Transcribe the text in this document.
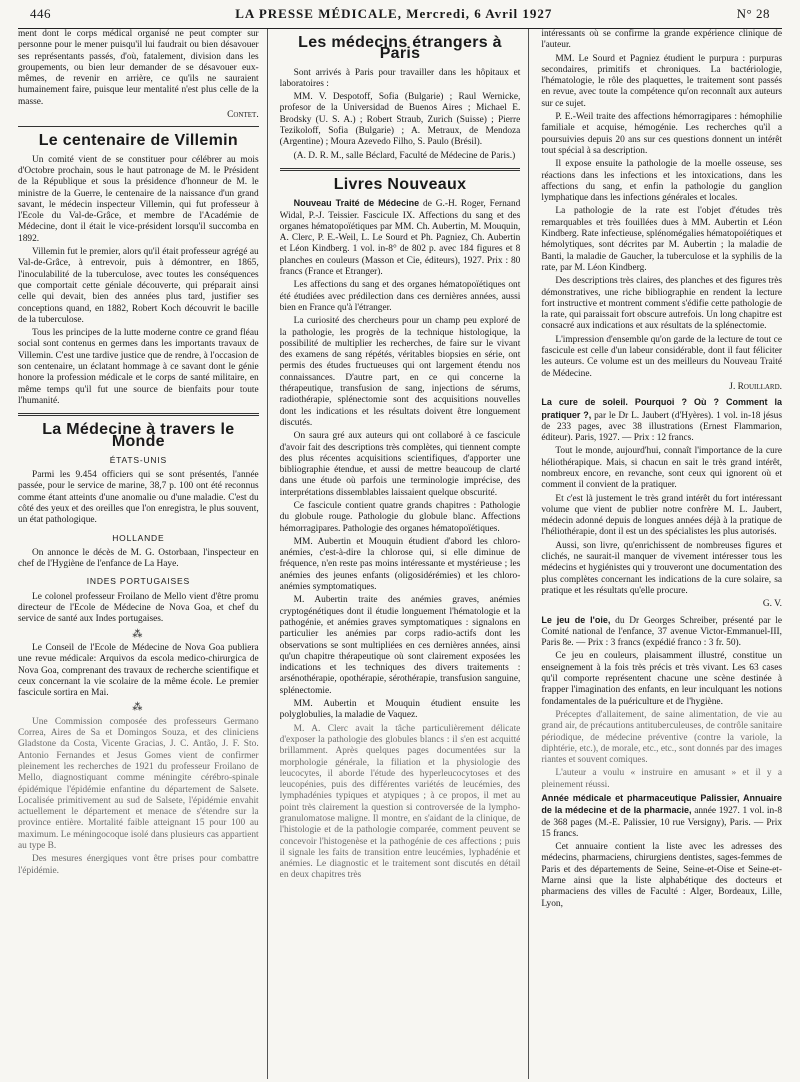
446	LA PRESSE MÉDICALE, Mercredi, 6 Avril 1927	N° 28

ment dont le corps médical organisé ne peut compter sur personne pour le mener puisqu'il lui faudrait ou bien désavouer ses représentants passés, d'où, fatalement, division dans les groupements, ou bien leur demander de se désavouer eux-mêmes, de revenir en arrière, ce qu'ils ne sauraient humainement faire, puisque leur mentalité n'est plus celle de la masse.

Contet.
Le centenaire de Villemin

Un comité vient de se constituer pour célébrer au mois d'Octobre prochain, sous le haut patronage de M. le Président de la République et sous la présidence d'honneur de M. le ministre de la Guerre, le centenaire de la naissance d'un grand savant, le médecin inspecteur Villemin, qui fut professeur à l'Ecole du Val-de-Grâce, et membre de l'Académie de Médecine, dont il était le vice-président lorsqu'il succomba en 1892.

Villemin fut le premier, alors qu'il était professeur agrégé au Val-de-Grâce, à entrevoir, puis à démontrer, en 1865, l'inoculabilité de la tuberculose, avec toutes les conséquences que comportait cette géniale découverte, qui préparait ainsi celle qui devait, bien des années plus tard, justifier ses conceptions quand, en 1882, Robert Koch découvrit le bacille de la tuberculose.

Tous les principes de la lutte moderne contre ce grand fléau social sont contenus en germes dans les importants travaux de Villemin. C'est une tardive justice que de rendre, à l'occasion de son centenaire, un éclatant hommage à ce savant dont le génie honore la profession médicale et le corps de santé militaire, en même temps qu'il fut une source de bienfaits pour toute l'humanité.

La Médecine à travers le Monde
ÉTATS-UNIS

Parmi les 9.454 officiers qui se sont présentés, l'année passée, pour le service de marine, 38,7 p. 100 ont été reconnus comme étant atteints d'une anomalie ou d'une maladie. C'est du côté des yeux et des oreilles que l'on enregistra, le plus souvent, un état pathologique.

HOLLANDE

On annonce le décès de M. G. Ostorbaan, l'inspecteur en chef de l'Hygiène de l'enfance de La Haye.

INDES PORTUGAISES

Le colonel professeur Froilano de Mello vient d'être promu directeur de l'Ecole de Médecine de Nova Goa, et chef du service de santé aux Indes portugaises.

⁂

Le Conseil de l'Ecole de Médecine de Nova Goa publiera une revue médicale: Arquivos da escola medico-chirurgica de Nova Goa, comprenant des travaux de recherche scientifique et ceux concernant la vie scolaire de la même école. Le premier fascicule sortira en Mai.

⁂

Une Commission composée des professeurs Germano Correa, Aires de Sa et Domingos Souza, et des cliniciens Gladstone da Costa, Vicente Gracias, J. C. Antão, J. F. Sto. Antonio Fernandes et Jesus Gomes vient de confirmer pleinement les recherches de 1921 du professeur Froilano de Mello, diagnostiquant comme méningite cérébro-spinale épidémique l'épidémie enfantine du département de Salsete. Localisée primitivement au sud de Salsete, l'épidémie envahit actuellement le département et menace de s'étendre sur la province entière. Mortalité faible atteignant 15 pour 100 au maximum. Le méningocoque isolé dans plusieurs cas appartient au type B.

Des mesures énergiques vont être prises pour combattre l'épidémie.

Les médecins étrangers à Paris

Sont arrivés à Paris pour travailler dans les hôpitaux et laboratoires :

MM. V. Despotoff, Sofia (Bulgarie) ; Raul Wernicke, profesor de la Universidad de Buenos Aires ; Michael E. Brodsky (U. S. A.) ; Robert Straub, Zurich (Suisse) ; Pierre Tezikoloff, Sofia (Bulgarie) ; A. Metraux, de Mendoza (Argentine) ; Moura Azevedo Filho, S. Paulo (Brésil).

(A. D. R. M., salle Béclard, Faculté de Médecine de Paris.)

Livres Nouveaux

Nouveau Traité de Médecine de G.-H. Roger, Fernand Widal, P.-J. Teissier. Fascicule IX. Affections du sang et des organes hématopoïétiques par MM. Ch. Aubertin, M. Mouquin, A. Clerc, P. E.-Weil, L. Le Sourd et Ph. Pagniez, Ch. Aubertin et Léon Kindberg. 1 vol. in-8° de 802 p. avec 184 figures et 8 planches en couleurs (Masson et Cie, éditeurs), 1927. Prix : 80 francs (France et Etranger).

Les affections du sang et des organes hématopoïétiques ont été étudiées avec prédilection dans ces dernières années, aussi bien en France qu'à l'étranger.

La curiosité des chercheurs pour un champ peu exploré de la pathologie, les progrès de la technique histologique, la possibilité de multiplier les recherches, de faire sur le vivant des examens de sang répétés, véritables biopsies en série, ont permis des études fructueuses qui ont largement étendu nos connaissances. D'autre part, en ce qui concerne la thérapeutique, transfusion de sang, injections de sérums, radiothérapie, splénectomie sont des acquisitions nouvelles dont les indications et les résultats doivent être longuement discutés.

On saura gré aux auteurs qui ont collaboré à ce fascicule d'avoir fait des descriptions très complètes, qui tiennent compte des plus récentes acquisitions scientifiques, d'apporter une bibliographie étendue, et aussi de mettre beaucoup de clarté dans une étude où parfois une terminologie imprécise, des interprétations dissemblables laissaient quelque obscurité.

Ce fascicule contient quatre grands chapitres : Pathologie du globule rouge. Pathologie du globule blanc. Affections hémorragipares. Pathologie des organes hématopoïétiques.

MM. Aubertin et Mouquin étudient d'abord les chloro-anémies, c'est-à-dire la chlorose qui, si elle diminue de fréquence, n'en reste pas moins intéressante et mystérieuse ; les anémies des jeunes enfants (oligosidérémies) et les chloro-anémies symptomatiques.

M. Aubertin traite des anémies graves, anémies cryptogénétiques dont il étudie longuement l'hématologie et la pathogénie, et anémies graves symptomatiques : signalons en particulier les anémies par corps radio-actifs dont les observations se sont multipliées en ces dernières années, ainsi qu'un chapitre thérapeutique où sont clairement exposées les indications et les techniques des divers traitements : arsénothérapie, opothérapie, sérothérapie, transfusion sanguine, splénectomie.

MM. Aubertin et Mouquin étudient ensuite les polyglobulies, la maladie de Vaquez.

M. A. Clerc avait la tâche particulièrement délicate d'exposer la pathologie des globules blancs : il s'en est acquitté brillamment. Après quelques pages documentées sur la morphologie générale, la filiation et la physiologie des leucocytes, il aborde l'étude des hyperleucocytoses et des leucopénies, puis des différentes variétés de leucémies, des lymphadénies typiques et atypiques ; à ce propos, il met au point très clairement la question si controversée de la lympho-granulomatose maligne. Il montre, en s'aidant de la clinique, de l'histologie et de la pathologie comparée, comment peuvent se concevoir l'histogenèse et la pathogénie de ces affections ; puis il signale les faits de transition entre leucémies, lyphadénie et anémies. Le diagnostic et le traitement sont discutés en détail en deux chapitres très

intéressants où se confirme la grande expérience clinique de l'auteur.

MM. Le Sourd et Pagniez étudient le purpura : purpuras secondaires, primitifs et chroniques. La bactériologie, l'hématologie, le rôle des plaquettes, le traitement sont passés en revue, avec toute la compétence qu'on reconnaît aux auteurs sur ce sujet.

P. E.-Weil traite des affections hémorragipares : hémophilie familiale et acquise, hémogénie. Les recherches qu'il a poursuivies depuis 20 ans sur ces questions donnent un intérêt tout spécial à sa description.

Il expose ensuite la pathologie de la moelle osseuse, ses réactions dans les infections et les intoxications, dans les affections du sang, et enfin la pathologie du ganglion lymphatique dans les infections générales et locales.

La pathologie de la rate est l'objet d'études très remarquables et très fouillées dues à MM. Aubertin et Léon Kindberg. Rate infectieuse, splénomégalies hématopoïétiques et hémolytiques, sont décrites par M. Aubertin ; la maladie de Banti, la maladie de Gaucher, la tuberculose et la syphilis de la rate, par M. Léon Kindberg.

Des descriptions très claires, des planches et des figures très démonstratives, une riche bibliographie en rendent la lecture fort instructive et montrent comment s'édifie cette pathologie de la rate, qui paraissait fort obscure autrefois. Un long chapitre est consacré aux indications et aux résultats de la splénectomie.

L'impression d'ensemble qu'on garde de la lecture de tout ce fascicule est celle d'un labeur considérable, dont il faut féliciter les auteurs. Ce volume est un des meilleurs du Nouveau Traité de Médecine.

J. Rouillard.

La cure de soleil. Pourquoi ? Où ? Comment la pratiquer ?, par le Dr L. Jaubert (d'Hyères). 1 vol. in-18 jésus de 233 pages, avec 38 illustrations (Ernest Flammarion, éditeur). Paris, 1927. — Prix : 12 francs.

Tout le monde, aujourd'hui, connaît l'importance de la cure héliothérapique. Mais, si chacun en sait le très grand intérêt, nombreux encore, en revanche, sont ceux qui ignorent où et comment il convient de la pratiquer.

Et c'est là justement le très grand intérêt du fort intéressant volume que vient de publier notre confrère M. L. Jaubert, médecin adonné depuis de longues années déjà à la pratique de l'héliothérapie, dont il est un des spécialistes les plus autorisés.

Aussi, son livre, qu'enrichissent de nombreuses figures et clichés, ne saurait-il manquer de vivement intéresser tous les médecins et hygiénistes qui y trouveront une documentation des plus complètes concernant les indications de la cure solaire, sa pratique et les résultats qu'elle procure.

G. V.

Le jeu de l'oie, du Dr Georges Schreiber, présenté par le Comité national de l'enfance, 37 avenue Victor-Emmanuel-III, Paris 8e. — Prix : 3 francs (expédié franco : 3 fr. 50).

Ce jeu en couleurs, plaisamment illustré, constitue un enseignement à la fois très précis et très vivant. Les 63 cases qu'il comporte représentent chacune une scène destinée à frapper l'imagination des enfants, en leur inculquant les notions fondamentales de la puériculture et de l'hygiène.

Préceptes d'allaitement, de saine alimentation, de vie au grand air, de précautions antituberculeuses, de contrôle sanitaire périodique, de médecine préventive (contre la variole, la diphtérie, etc.), de morale, etc., etc., sont donnés par des images riantes et souvent comiques.

L'auteur a voulu « instruire en amusant » et il y a pleinement réussi.

Année médicale et pharmaceutique Palissier, Annuaire de la médecine et de la pharmacie, année 1927. 1 vol. in-8 de 368 pages (M.-E. Palissier, 10 rue Versigny), Paris. — Prix 15 francs.

Cet annuaire contient la liste avec les adresses des médecins, pharmaciens, chirurgiens dentistes, sages-femmes de Paris et des départements de Seine, Seine-et-Oise et Seine-et-Marne ainsi que la liste alphabétique des docteurs et pharmaciens des villes de Faculté : Alger, Bordeaux, Lille, Lyon,
